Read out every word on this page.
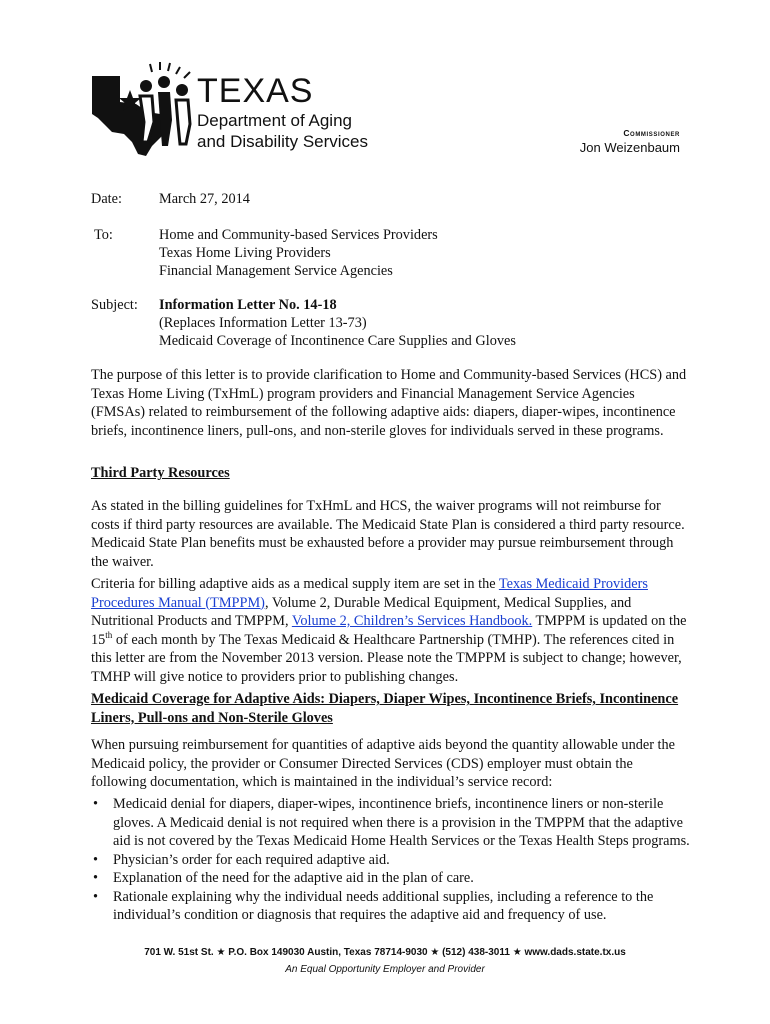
TEXAS
Department of Aging
and Disability Services	Commissioner
Jon Weizenbaum
Date:	March 27, 2014
To:	Home and Community-based Services Providers
Texas Home Living Providers
Financial Management Service Agencies
Subject: Information Letter No. 14-18
(Replaces Information Letter 13-73)
Medicaid Coverage of Incontinence Care Supplies and Gloves
The purpose of this letter is to provide clarification to Home and Community-based Services (HCS) and Texas Home Living (TxHmL) program providers and Financial Management Service Agencies (FMSAs) related to reimbursement of the following adaptive aids: diapers, diaper-wipes, incontinence briefs, incontinence liners, pull-ons, and non-sterile gloves for individuals served in these programs.
Third Party Resources
As stated in the billing guidelines for TxHmL and HCS, the waiver programs will not reimburse for costs if third party resources are available. The Medicaid State Plan is considered a third party resource. Medicaid State Plan benefits must be exhausted before a provider may pursue reimbursement through the waiver.
Criteria for billing adaptive aids as a medical supply item are set in the Texas Medicaid Providers Procedures Manual (TMPPM), Volume 2, Durable Medical Equipment, Medical Supplies, and Nutritional Products and TMPPM, Volume 2, Children’s Services Handbook. TMPPM is updated on the 15th of each month by The Texas Medicaid & Healthcare Partnership (TMHP). The references cited in this letter are from the November 2013 version. Please note the TMPPM is subject to change; however, TMHP will give notice to providers prior to publishing changes.
Medicaid Coverage for Adaptive Aids: Diapers, Diaper Wipes, Incontinence Briefs, Incontinence Liners, Pull-ons and Non-Sterile Gloves
When pursuing reimbursement for quantities of adaptive aids beyond the quantity allowable under the Medicaid policy, the provider or Consumer Directed Services (CDS) employer must obtain the following documentation, which is maintained in the individual’s service record:
• Medicaid denial for diapers, diaper-wipes, incontinence briefs, incontinence liners or non-sterile gloves. A Medicaid denial is not required when there is a provision in the TMPPM that the adaptive aid is not covered by the Texas Medicaid Home Health Services or the Texas Health Steps programs.
• Physician’s order for each required adaptive aid.
• Explanation of the need for the adaptive aid in the plan of care.
• Rationale explaining why the individual needs additional supplies, including a reference to the individual’s condition or diagnosis that requires the adaptive aid and frequency of use.
701 W. 51st St. ★ P.O. Box 149030 Austin, Texas 78714-9030 ★ (512) 438-3011 ★ www.dads.state.tx.us
An Equal Opportunity Employer and Provider
